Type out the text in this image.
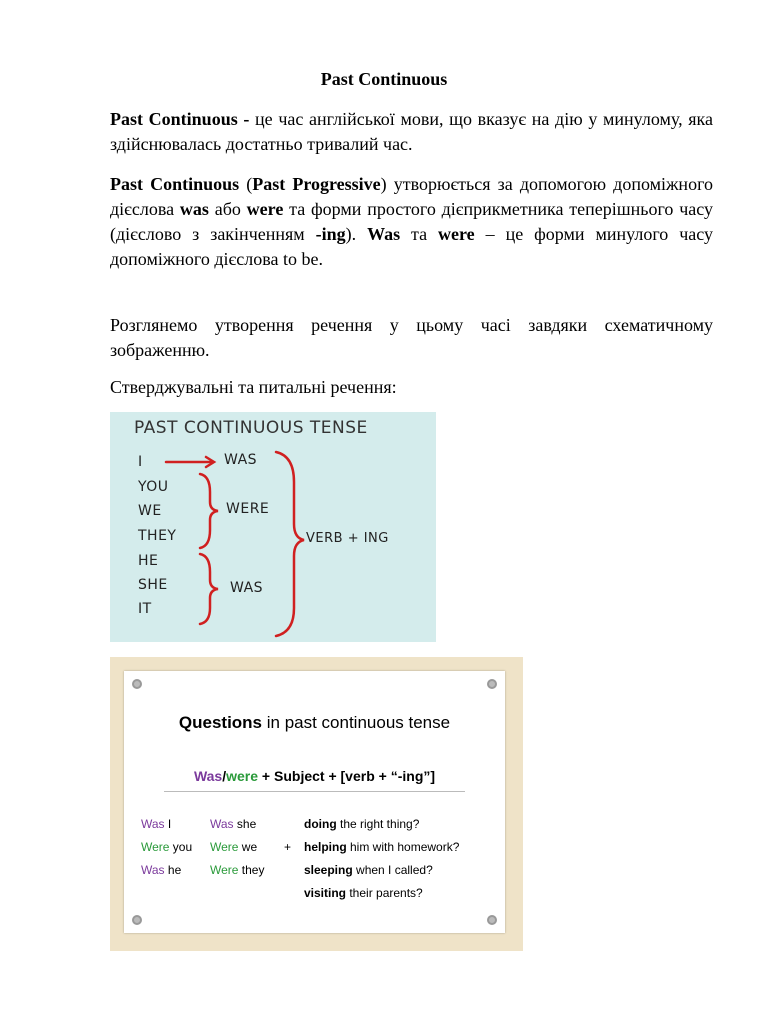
Past Continuous
Past Continuous - це час англійської мови, що вказує на дію у минулому, яка здійснювалась достатньо тривалий час.
Past Continuous (Past Progressive) утворюється за допомогою допоміжного дієслова was або were та форми простого дієприкметника теперішнього часу (дієслово з закінченням -ing). Was та were – це форми минулого часу допоміжного дієслова to be.
Розглянемо утворення речення у цьому часі завдяки схематичному зображенню.
Стверджувальні та питальні речення:
PAST CONTINUOUS TENSE
I
YOU
WE
THEY
HE
SHE
IT
WAS
WERE
WAS
VERB + ING
Questions in past continuous tense
Was/were + Subject + [verb + “-ing”]
Was I
Were you
Was he
Was she
Were we
Were they
+
doing the right thing?
helping him with homework?
sleeping when I called?
visiting their parents?
